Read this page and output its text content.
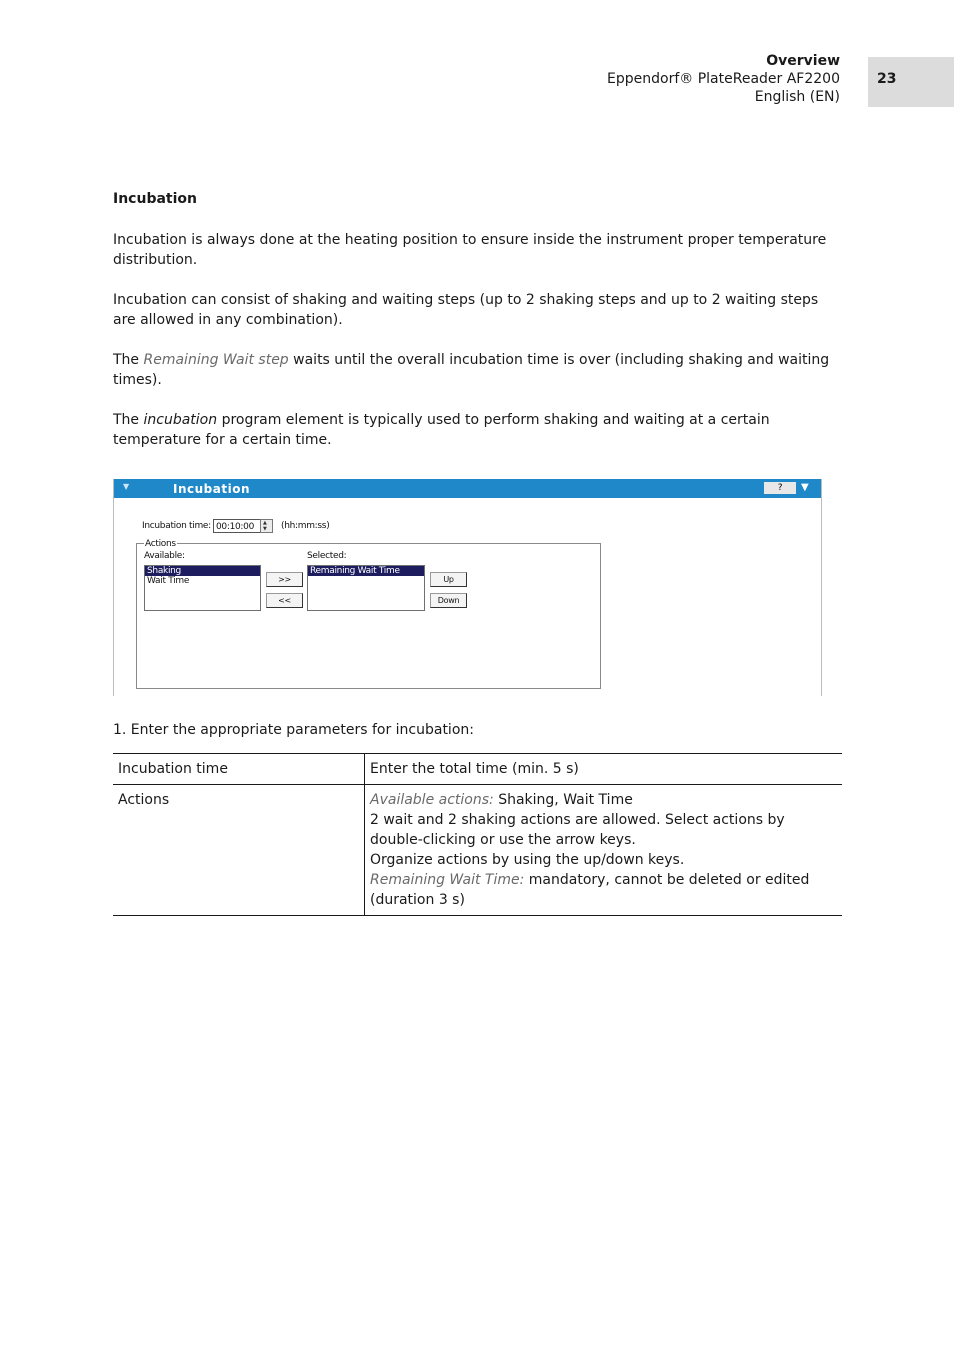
Overview
Eppendorf® PlateReader AF2200
English (EN)
23
Incubation

Incubation is always done at the heating position to ensure inside the instrument proper temperature distribution.

Incubation can consist of shaking and waiting steps (up to 2 shaking steps and up to 2 waiting steps are allowed in any combination).

The Remaining Wait step waits until the overall incubation time is over (including shaking and waiting times).

The incubation program element is typically used to perform shaking and waiting at a certain temperature for a certain time.

▼	Incubation	?	▼
Incubation time: 00:10:00	▲
▼ (hh:mm:ss)
Actions
Available:	Selected:
Shaking
Wait Time	>>
<<
Remaining Wait Time
Up
Down

1. Enter the appropriate parameters for incubation:

Incubation time	Enter the total time (min. 5 s)
Actions	Available actions: Shaking, Wait Time
2 wait and 2 shaking actions are allowed. Select actions by double-clicking or use the arrow keys.
Organize actions by using the up/down keys.
Remaining Wait Time: mandatory, cannot be deleted or edited (duration 3 s)
